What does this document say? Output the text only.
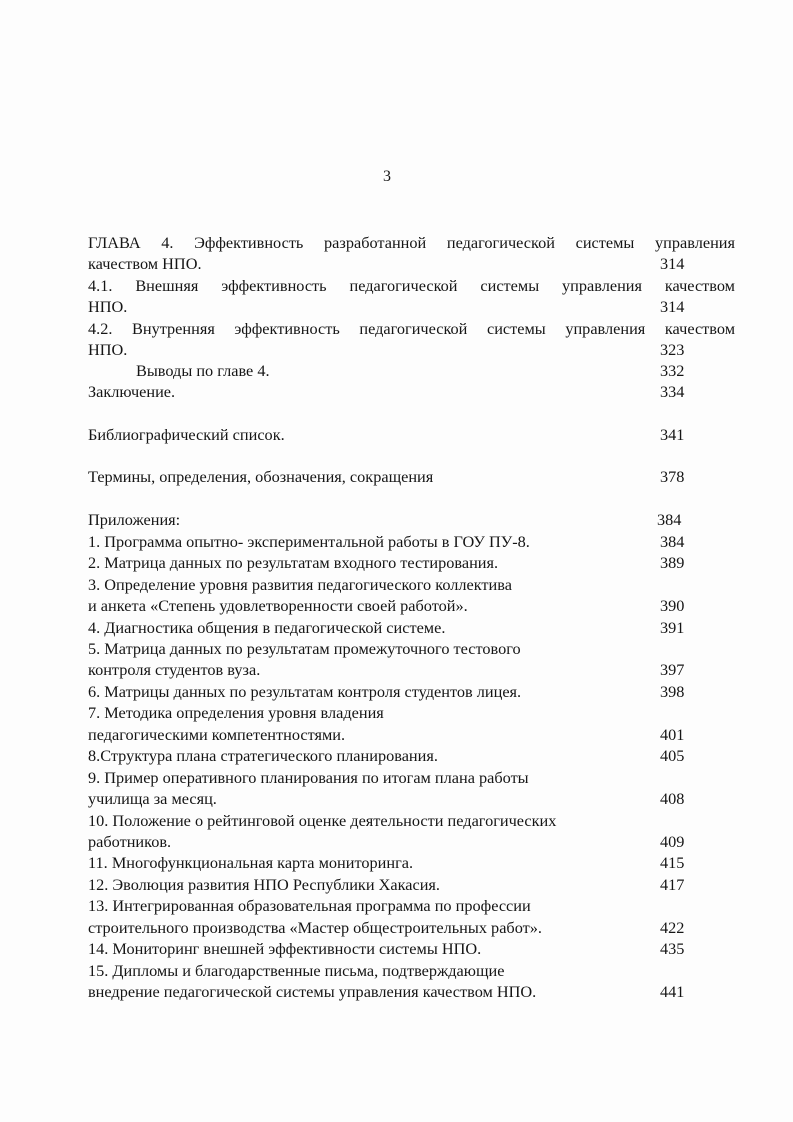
3
ГЛАВА 4. Эффективность разработанной педагогической системы управления
качеством НПО.	314
4.1. Внешняя эффективность педагогической системы управления качеством
НПО.	314
4.2. Внутренняя эффективность педагогической системы управления качеством
НПО.	323
Выводы по главе 4.	332
Заключение.	334
Библиографический список.	341
Термины, определения, обозначения, сокращения	378
Приложения:	384
1. Программа опытно- экспериментальной работы в ГОУ ПУ-8.	384
2. Матрица данных по результатам входного тестирования.	389
3. Определение уровня развития педагогического коллектива
и анкета «Степень удовлетворенности своей работой».	390
4. Диагностика общения в педагогической системе.	391
5. Матрица данных по результатам промежуточного тестового
контроля студентов вуза.	397
6. Матрицы данных по результатам контроля студентов лицея.	398
7. Методика определения уровня владения
педагогическими компетентностями.	401
8.Структура плана стратегического планирования.	405
9. Пример оперативного планирования по итогам плана работы
училища за месяц.	408
10. Положение о рейтинговой оценке деятельности педагогических
работников.	409
11. Многофункциональная карта мониторинга.	415
12. Эволюция развития НПО Республики Хакасия.	417
13. Интегрированная образовательная программа по профессии
строительного производства «Мастер общестроительных работ».	422
14. Мониторинг внешней эффективности системы НПО.	435
15. Дипломы и благодарственные письма, подтверждающие
внедрение педагогической системы управления качеством НПО.	441
